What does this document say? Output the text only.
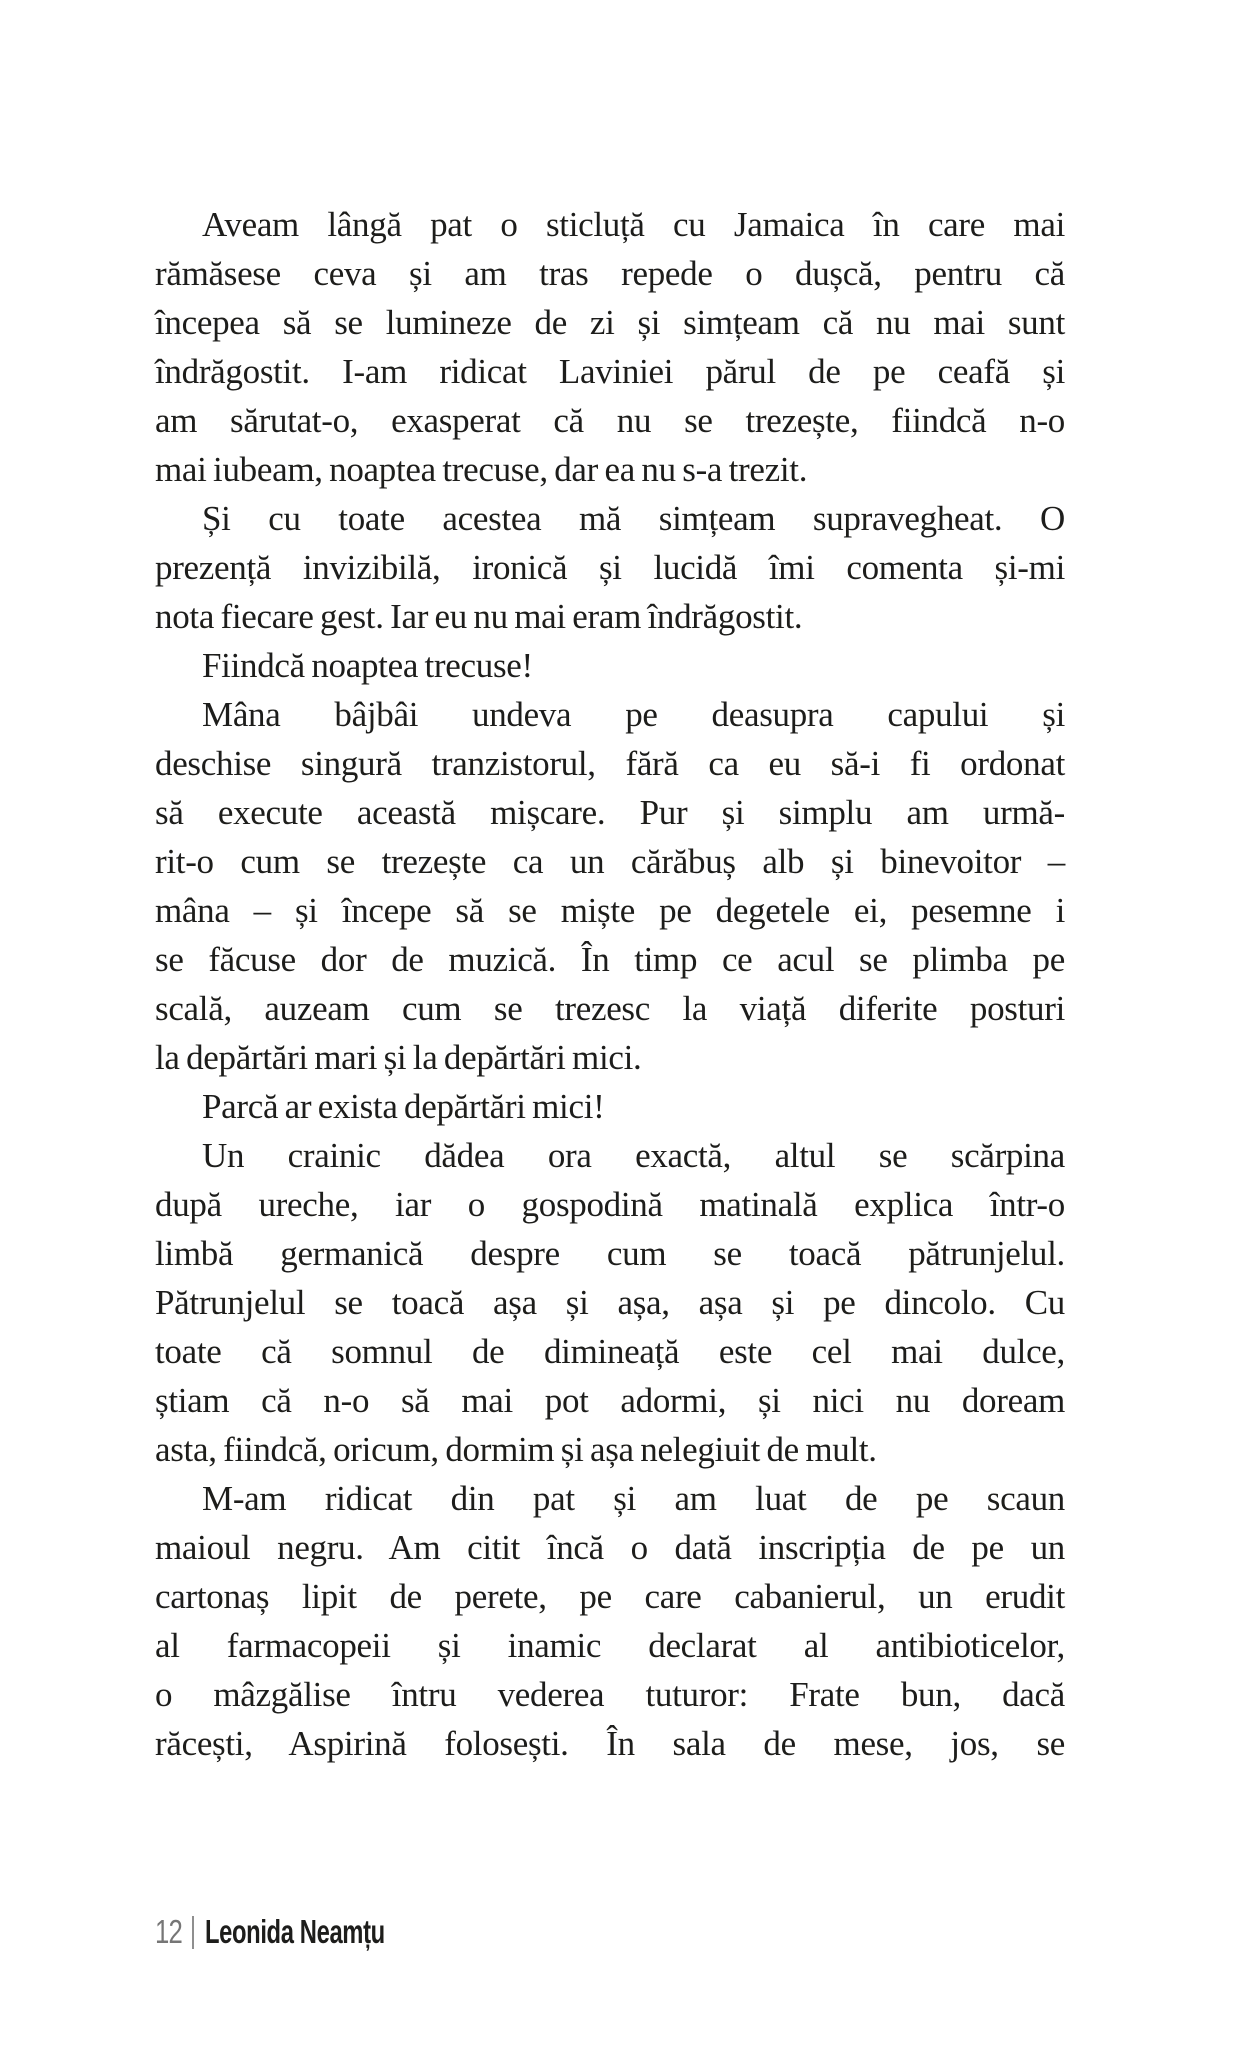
Aveam lângă pat o sticluță cu Jamaica în care mai
rămăsese ceva și am tras repede o dușcă, pentru că
începea să se lumineze de zi și simțeam că nu mai sunt
îndrăgostit. I-am ridicat Laviniei părul de pe ceafă și
am sărutat-o, exasperat că nu se trezește, fiindcă n-o
mai iubeam, noaptea trecuse, dar ea nu s-a trezit.
Și cu toate acestea mă simțeam supravegheat. O
prezență invizibilă, ironică și lucidă îmi comenta și-mi
nota fiecare gest. Iar eu nu mai eram îndrăgostit.
Fiindcă noaptea trecuse!
Mâna bâjbâi undeva pe deasupra capului și
deschise singură tranzistorul, fără ca eu să-i fi ordonat
să execute această mișcare. Pur și simplu am urmă-
rit-o cum se trezește ca un cărăbuș alb și binevoitor –
mâna – și începe să se miște pe degetele ei, pesemne i
se făcuse dor de muzică. În timp ce acul se plimba pe
scală, auzeam cum se trezesc la viață diferite posturi
la depărtări mari și la depărtări mici.
Parcă ar exista depărtări mici!
Un crainic dădea ora exactă, altul se scărpina
după ureche, iar o gospodină matinală explica într-o
limbă germanică despre cum se toacă pătrunjelul.
Pătrunjelul se toacă așa și așa, așa și pe dincolo. Cu
toate că somnul de dimineață este cel mai dulce,
știam că n-o să mai pot adormi, și nici nu doream
asta, fiindcă, oricum, dormim și așa nelegiuit de mult.
M-am ridicat din pat și am luat de pe scaun
maioul negru. Am citit încă o dată inscripția de pe un
cartonaș lipit de perete, pe care cabanierul, un erudit
al farmacopeii și inamic declarat al antibioticelor,
o mâzgălise întru vederea tuturor: Frate bun, dacă
răcești, Aspirină folosești. În sala de mese, jos, se
12 Leonida Neamțu
